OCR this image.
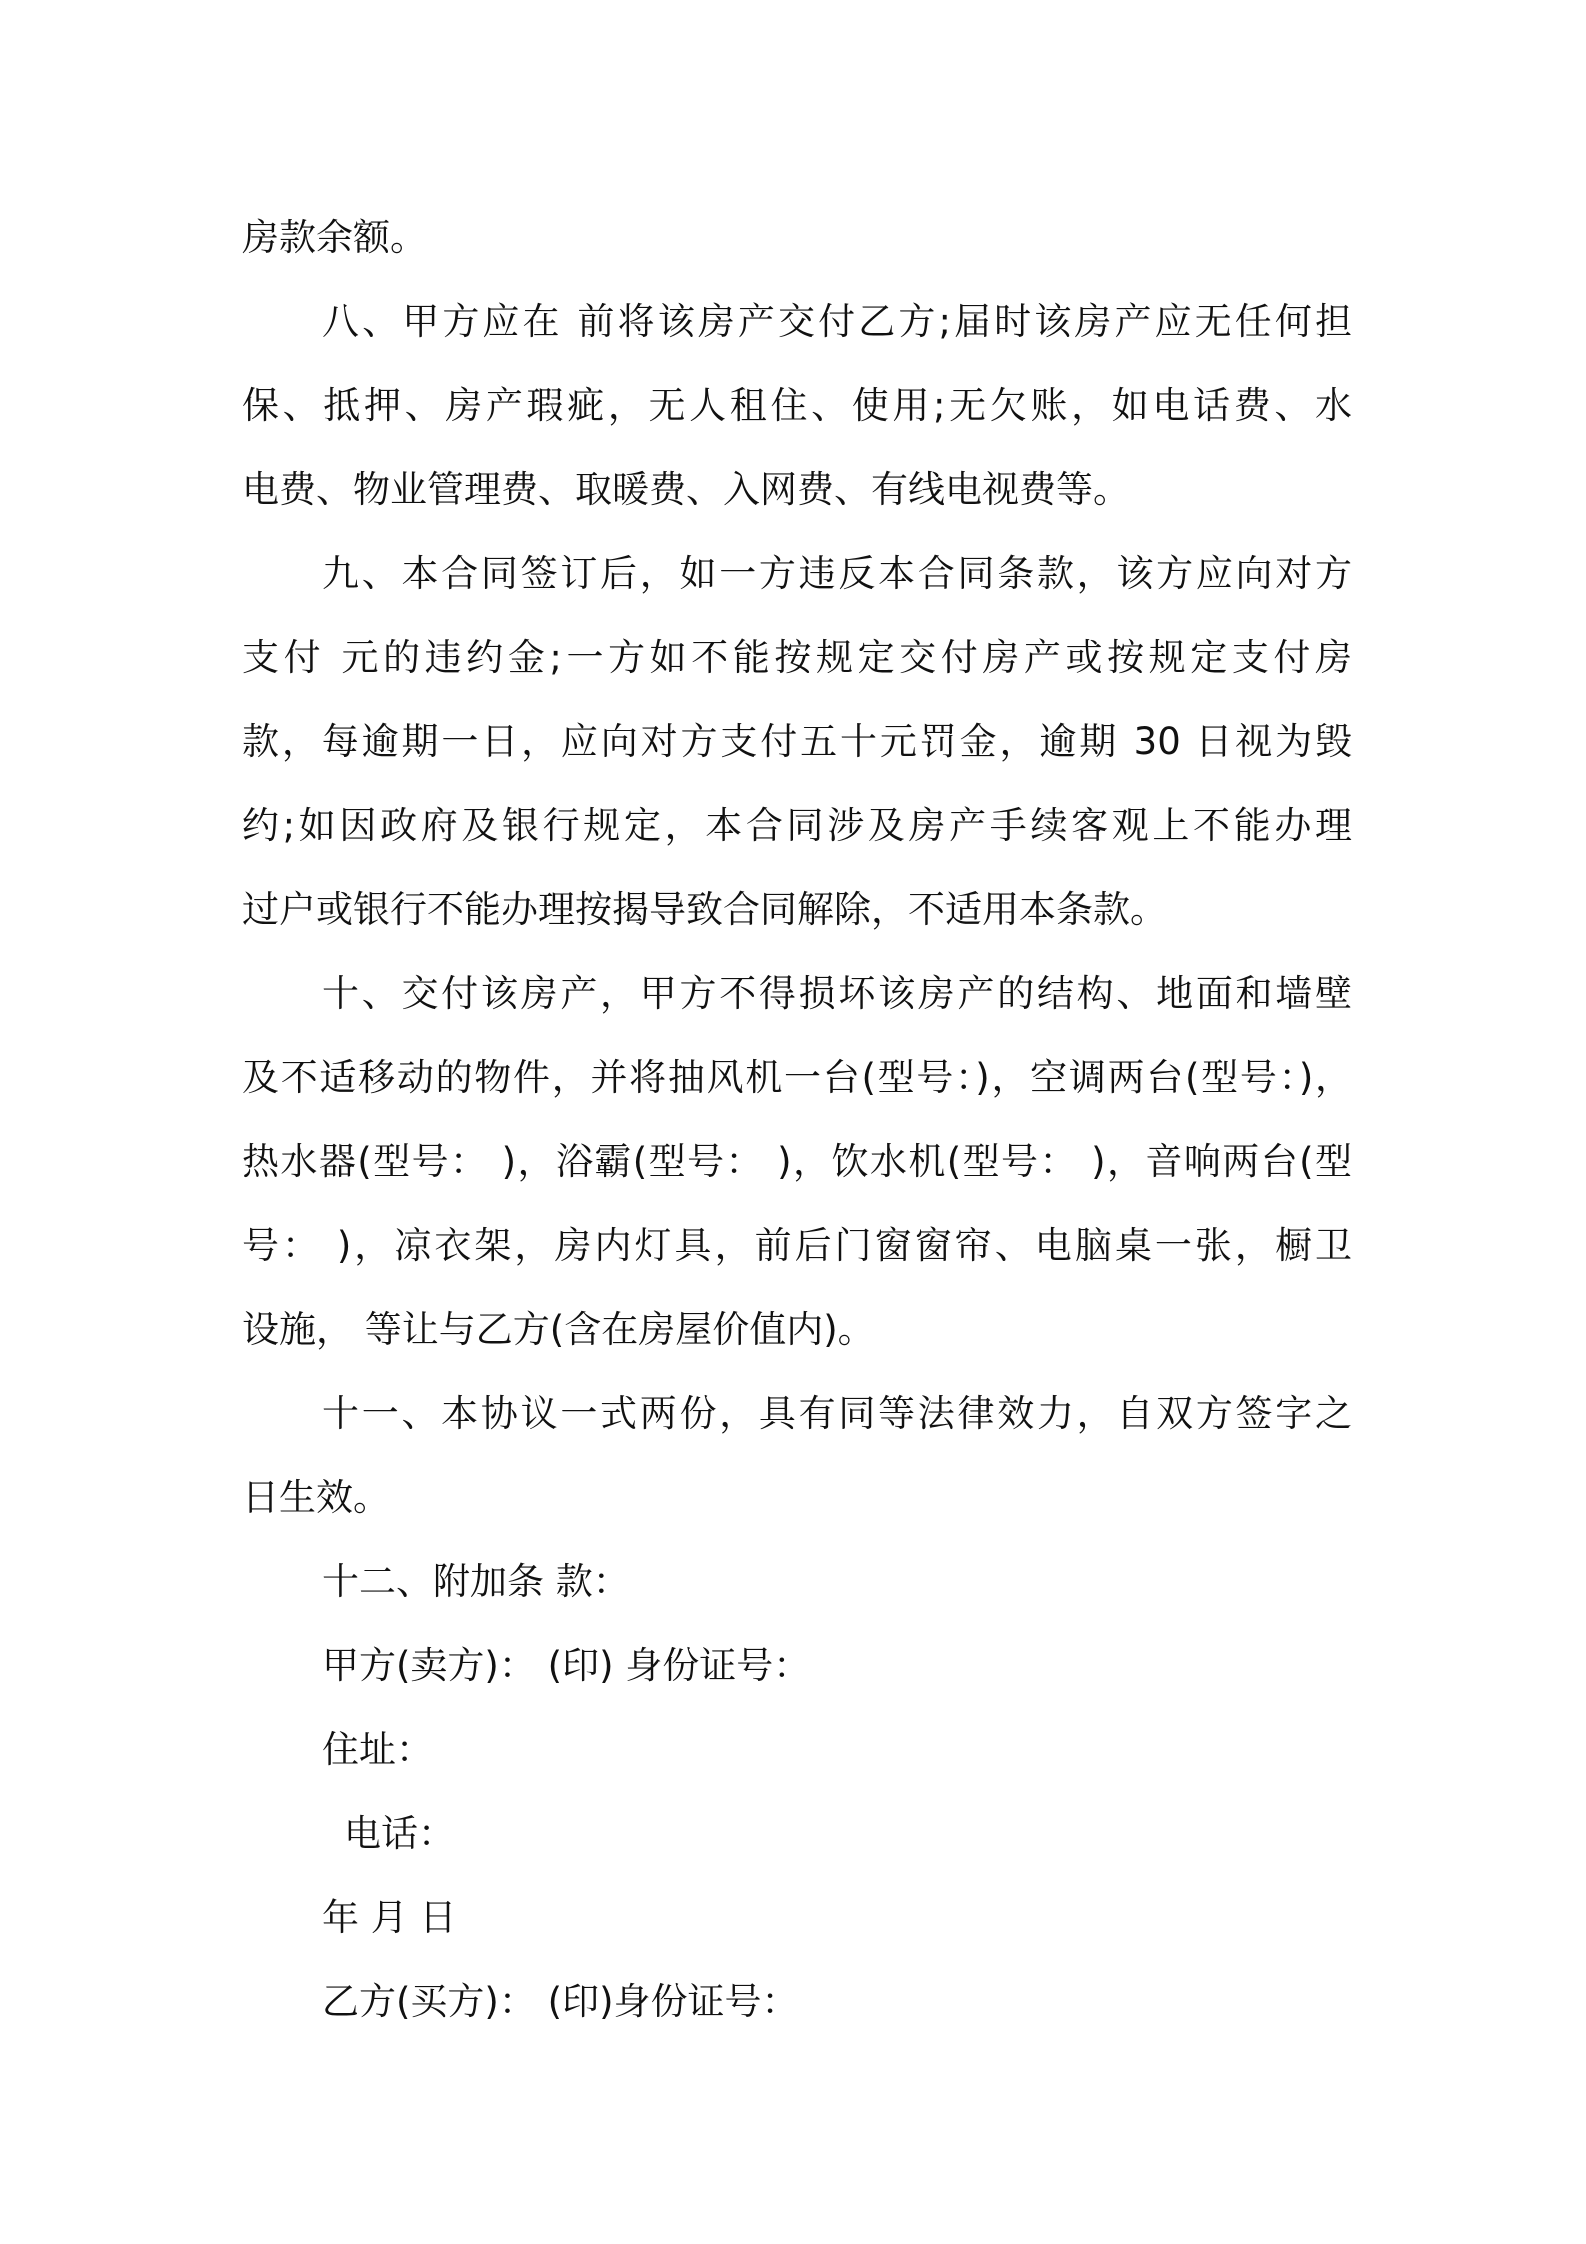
房款余额。
八、甲方应在 前将该房产交付乙方;届时该房产应无任何担
保、抵押、房产瑕疵，无人租住、使用;无欠账，如电话费、水
电费、物业管理费、取暖费、入网费、有线电视费等。
九、本合同签订后，如一方违反本合同条款，该方应向对方
支付 元的违约金;一方如不能按规定交付房产或按规定支付房
款，每逾期一日，应向对方支付五十元罚金，逾期 30 日视为毁
约;如因政府及银行规定，本合同涉及房产手续客观上不能办理
过户或银行不能办理按揭导致合同解除，不适用本条款。
十、交付该房产，甲方不得损坏该房产的结构、地面和墙壁
及不适移动的物件，并将抽风机一台(型号：)，空调两台(型号：)，
热水器(型号： )，浴霸(型号： )，饮水机(型号： )，音响两台(型
号： )，凉衣架，房内灯具，前后门窗窗帘、电脑桌一张，橱卫
设施， 等让与乙方(含在房屋价值内)。
十一、本协议一式两份，具有同等法律效力，自双方签字之
日生效。
十二、附加条 款：
甲方(卖方)： (印) 身份证号：
住址：
电话：
年 月 日
乙方(买方)： (印)身份证号：
